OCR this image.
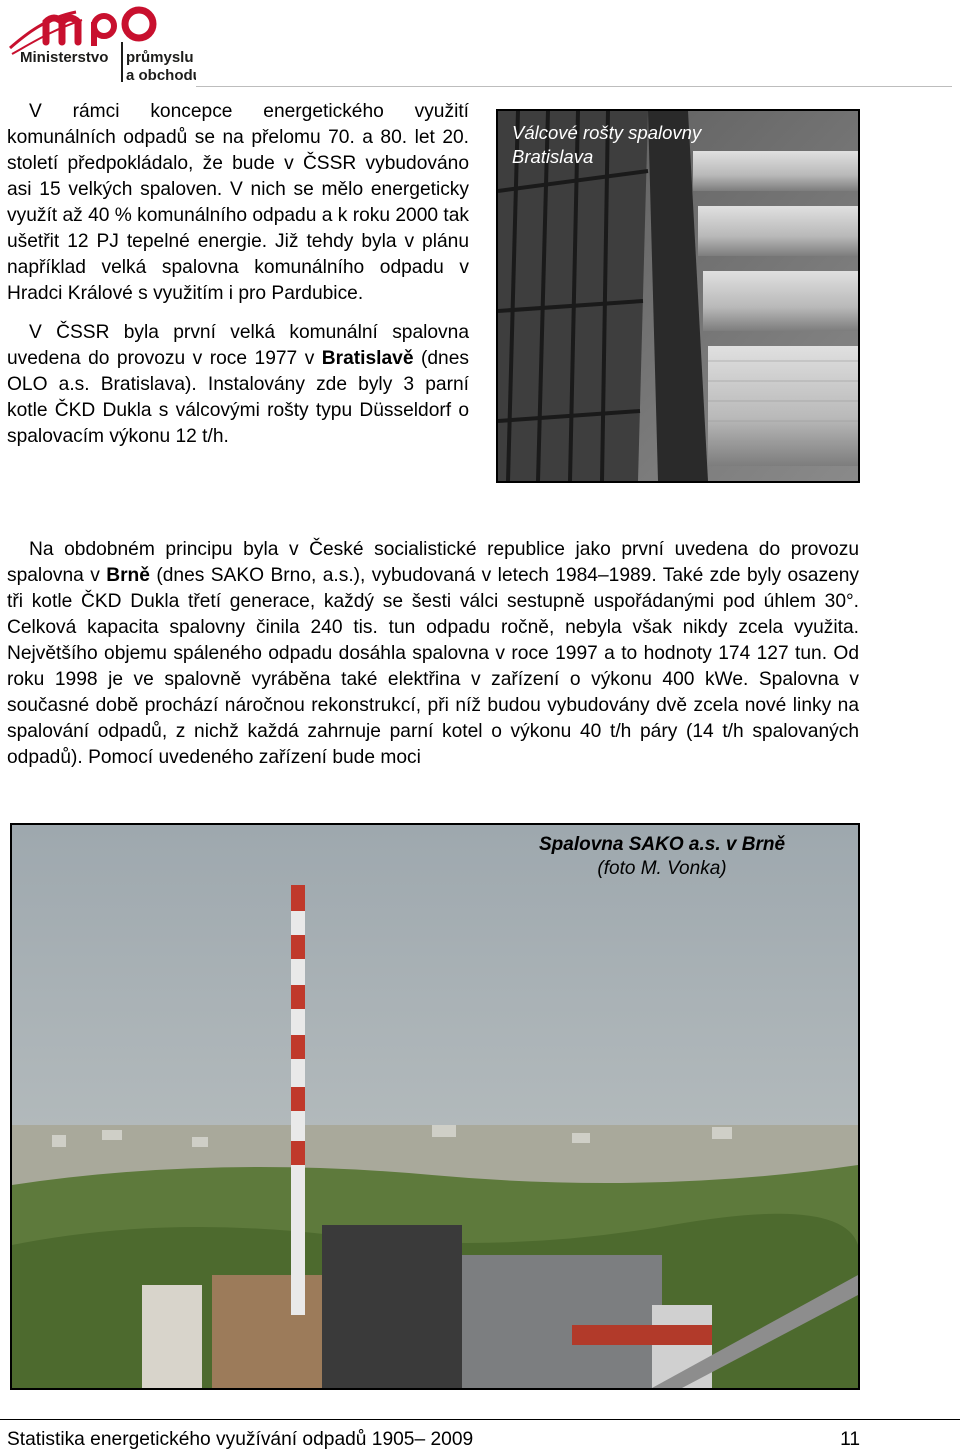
Ministerstvo průmyslu
a obchodu

V rámci koncepce energetického využití komunálních odpadů se na přelomu 70. a 80. let 20. století předpokládalo, že bude v ČSSR vybudováno asi 15 velkých spaloven. V nich se mělo energeticky využít až 40 % komunálního odpadu a k roku 2000 tak ušetřit 12 PJ tepelné energie. Již tehdy byla v plánu například velká spalovna komunálního odpadu v Hradci Králové s využitím i pro Pardubice.

V ČSSR byla první velká komunální spalovna uvedena do provozu v roce 1977 v Bratislavě (dnes OLO a.s. Bratislava). Instalovány zde byly 3 parní kotle ČKD Dukla s válcovými rošty typu Düsseldorf o spalovacím výkonu 12 t/h.

Válcové rošty spalovny
Bratislava

Na obdobném principu byla v České socialistické republice jako první uvedena do provozu spalovna v Brně (dnes SAKO Brno, a.s.), vybudovaná v letech 1984–1989. Také zde byly osazeny tři kotle ČKD Dukla třetí generace, každý se šesti válci sestupně uspořádanými pod úhlem 30°. Celková kapacita spalovny činila 240 tis. tun odpadu ročně, nebyla však nikdy zcela využita. Největšího objemu spáleného odpadu dosáhla spalovna v roce 1997 a to hodnoty 174 127 tun. Od roku 1998 je ve spalovně vyráběna také elektřina v zařízení o výkonu 400 kWe. Spalovna v současné době prochází náročnou rekonstrukcí, při níž budou vybudovány dvě zcela nové linky na spalování odpadů, z nichž každá zahrnuje parní kotel o výkonu 40 t/h páry (14 t/h spalovaných odpadů). Pomocí uvedeného zařízení bude moci

Spalovna SAKO a.s. v Brně
(foto M. Vonka)
Statistika energetického využívání odpadů 1905– 2009	11
